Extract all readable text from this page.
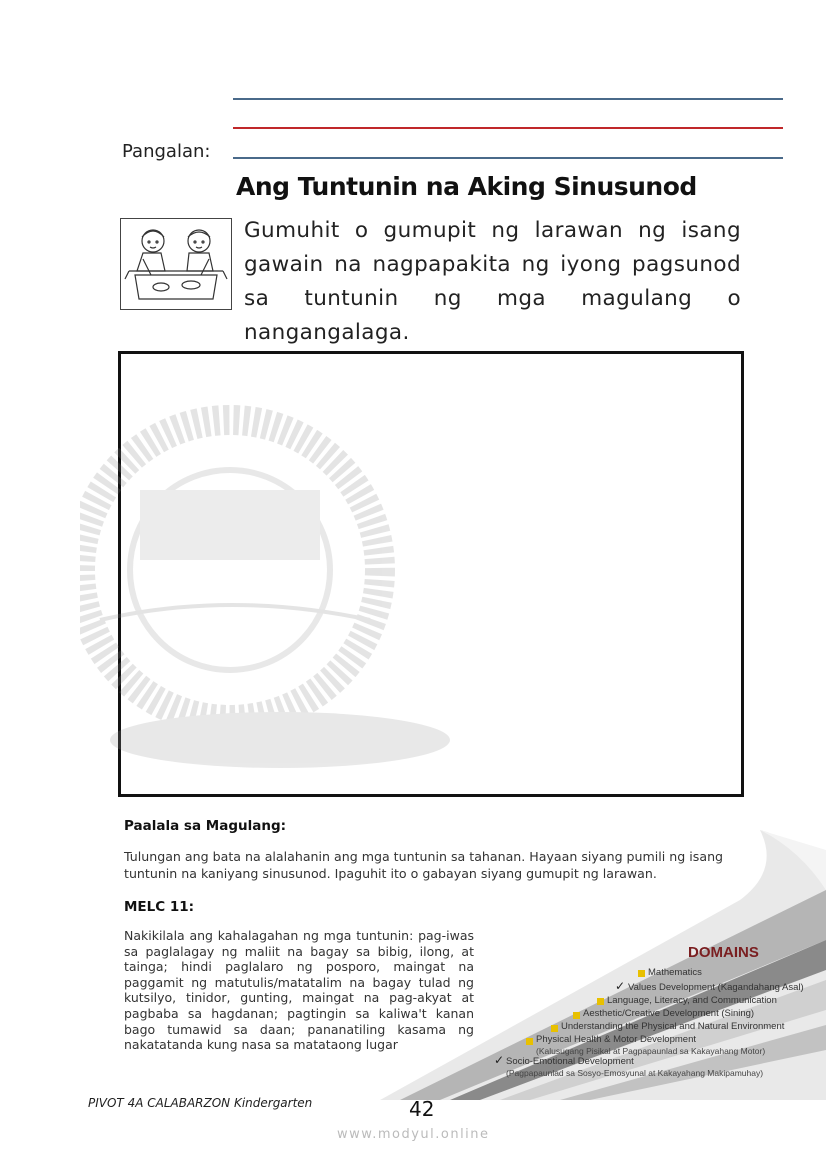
Pangalan:
Ang Tuntunin na Aking Sinusunod
Gumuhit o gumupit ng larawan ng isang gawain na nagpapakita ng iyong pagsunod sa tuntunin ng mga magulang o nangangalaga.
Paalala sa Magulang:
Tulungan ang bata na alalahanin ang mga tuntunin sa tahanan. Hayaan siyang pumili ng isang tuntunin na kaniyang sinusunod. Ipaguhit ito o gabayan siyang gumupit ng larawan.
MELC 11:
Nakikilala ang kahalagahan ng mga tuntunin: pag-iwas sa paglalagay ng maliit na bagay sa bibig, ilong, at tainga; hindi paglalaro ng posporo, maingat na paggamit ng matutulis/matatalim na bagay tulad ng kutsilyo, tinidor, gunting, maingat na pag-akyat at pagbaba sa hagdanan; pagtingin sa kaliwa't kanan bago tumawid sa daan; pananatiling kasama ng nakatatanda kung nasa sa matataong lugar
DOMAINS
Mathematics
✓ Values Development (Kagandahang Asal)
Language, Literacy, and Communication
Aesthetic/Creative Development (Sining)
Understanding the Physical and Natural Environment
Physical Health & Motor Development
(Kalusugang Pisikal at Pagpapaunlad sa Kakayahang Motor)
✓ Socio-Emotional Development
(Pagpapaunlad sa Sosyo-Emosyunal at Kakayahang Makipamuhay)
PIVOT 4A CALABARZON Kindergarten	42
www.modyul.online
